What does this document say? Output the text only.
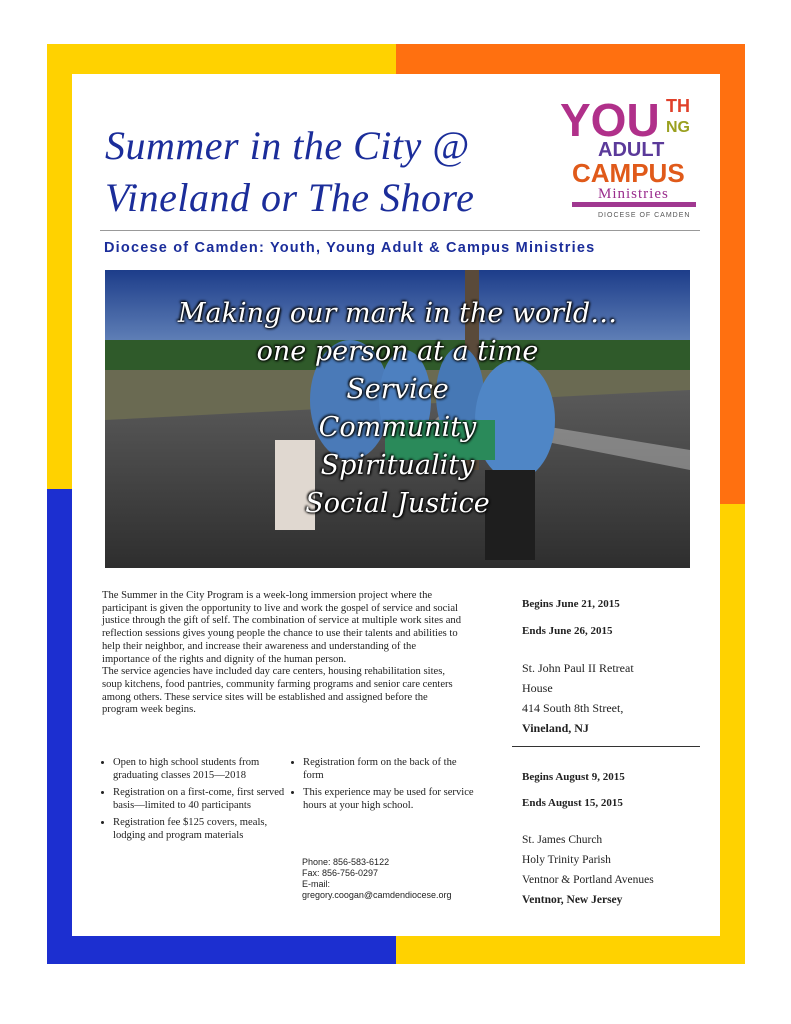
Summer in the City @
Vineland or The Shore
YOU TH
NG
ADULT
CAMPUS
Ministries
DIOCESE OF CAMDEN
Diocese of Camden: Youth, Young Adult & Campus Ministries
Making our mark in the world…
one person at a time
Service
Community
Spirituality
Social Justice

The Summer in the City Program is a week-long immersion project where the participant is given the opportunity to live and work the gospel of service and social justice through the gift of self. The combination of service at multiple work sites and reflection sessions gives young people the chance to use their talents and abilities to help their neighbor, and increase their awareness and understanding of the importance of the rights and dignity of the human person.

The service agencies have included day care centers, housing rehabilitation sites, soup kitchens, food pantries, community farming programs and senior care centers among others. These service sites will be established and assigned before the program week begins.

• Open to high school students from graduating classes 2015—2018
• Registration on a first-come, first served basis—limited to 40 participants
• Registration fee $125 covers, meals, lodging and program materials
• Registration form on the back of the form
• This experience may be used for service hours at your high school.
Phone: 856-583-6122
Fax: 856-756-0297
E-mail:
gregory.coogan@camdendiocese.org
Begins June 21, 2015
Ends June 26, 2015
St. John Paul II Retreat
House
414 South 8th Street,
Vineland, NJ
Begins August 9, 2015
Ends August 15, 2015
St. James Church
Holy Trinity Parish
Ventnor & Portland Avenues
Ventnor, New Jersey
